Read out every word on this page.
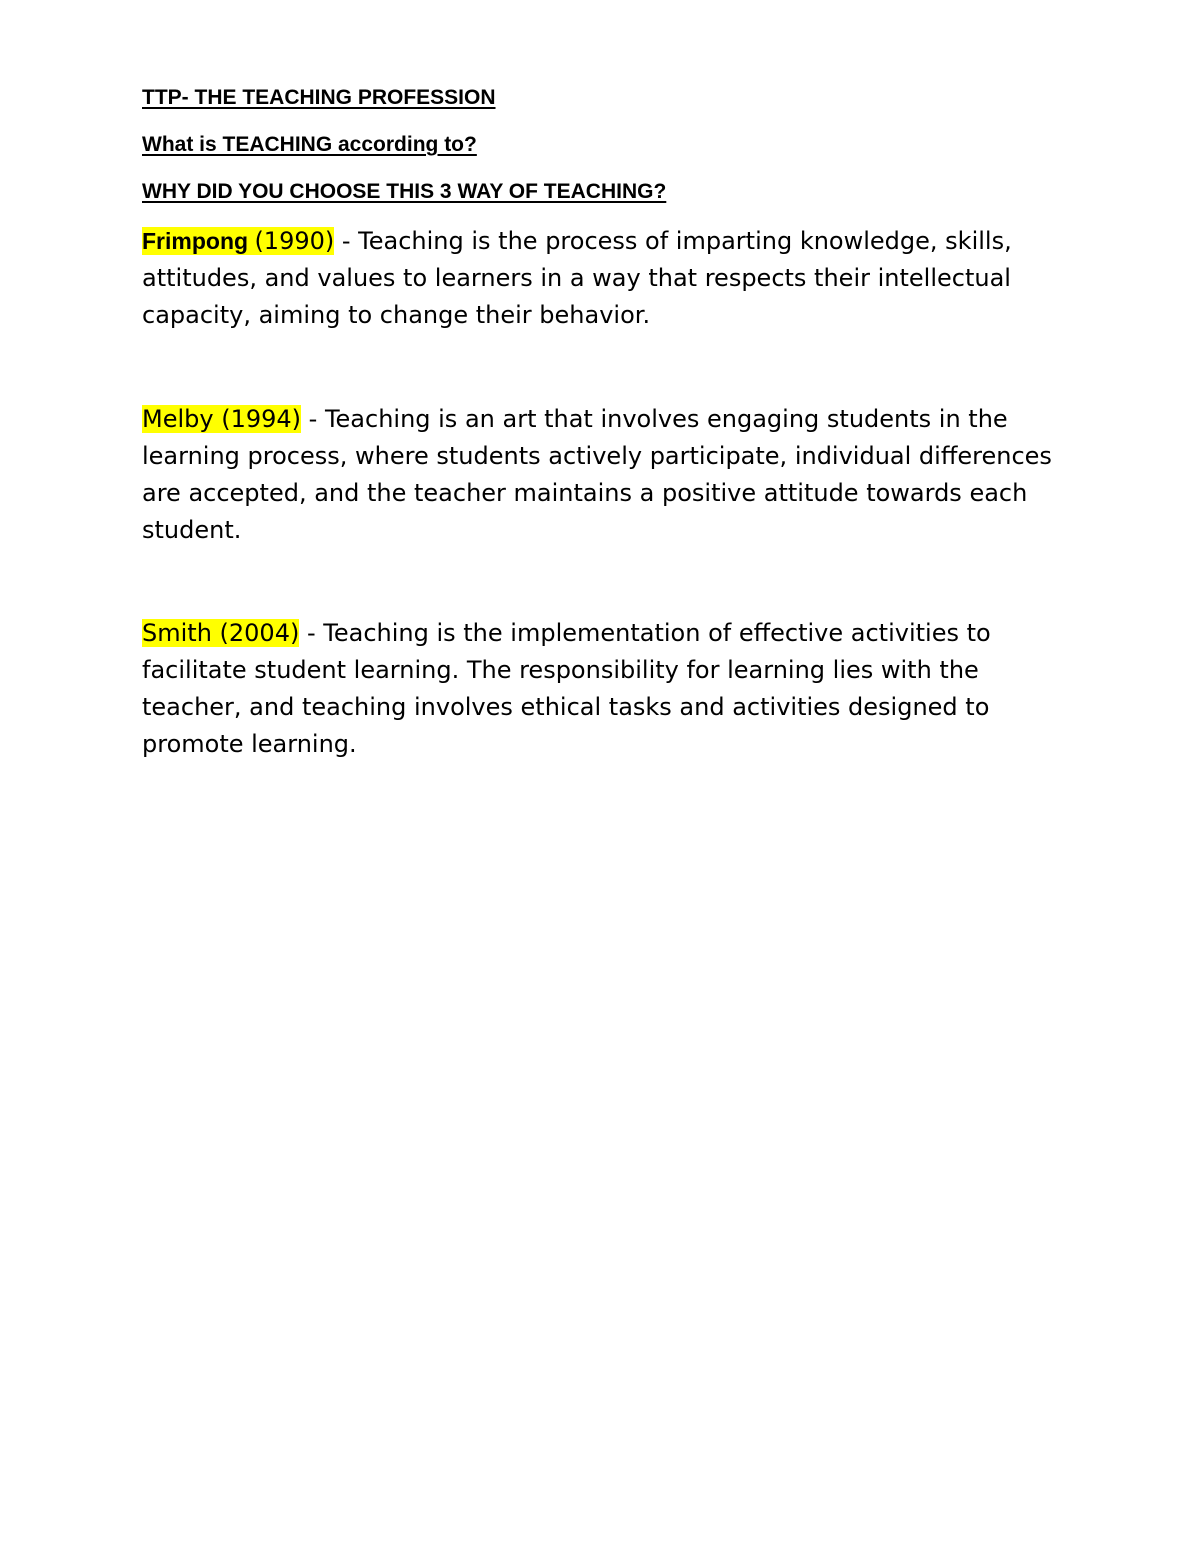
TTP- THE TEACHING PROFESSION

What is TEACHING according to?

WHY DID YOU CHOOSE THIS 3 WAY OF TEACHING?

Frimpong (1990) - Teaching is the process of imparting knowledge, skills, attitudes, and values to learners in a way that respects their intellectual capacity, aiming to change their behavior.

Melby (1994) - Teaching is an art that involves engaging students in the learning process, where students actively participate, individual differences are accepted, and the teacher maintains a positive attitude towards each student.

Smith (2004) - Teaching is the implementation of effective activities to facilitate student learning. The responsibility for learning lies with the teacher, and teaching involves ethical tasks and activities designed to promote learning.
